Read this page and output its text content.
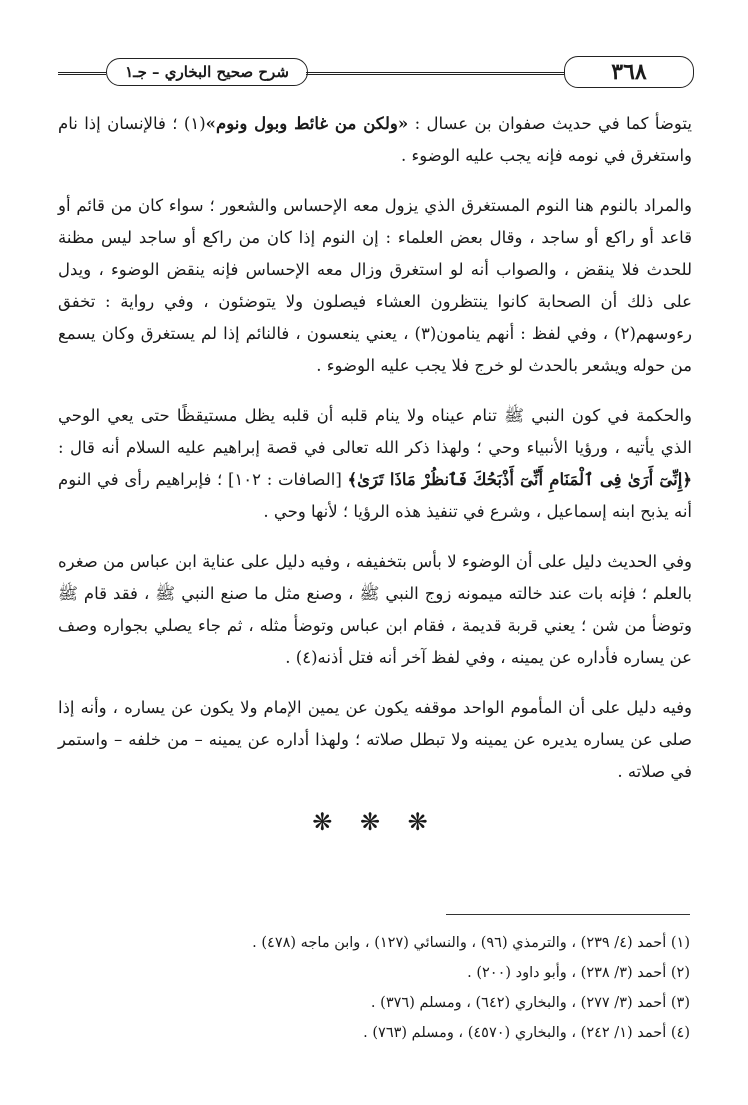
شرح صحيح البخاري – جـ١	٣٦٨

يتوضأ كما في حديث صفوان بن عسال : «ولكن من غائط وبول ونوم»(١) ؛ فالإنسان إذا نام واستغرق في نومه فإنه يجب عليه الوضوء .

والمراد بالنوم هنا النوم المستغرق الذي يزول معه الإحساس والشعور ؛ سواء كان من قائم أو قاعد أو راكع أو ساجد ، وقال بعض العلماء : إن النوم إذا كان من راكع أو ساجد ليس مظنة للحدث فلا ينقض ، والصواب أنه لو استغرق وزال معه الإحساس فإنه ينقض الوضوء ، ويدل على ذلك أن الصحابة كانوا ينتظرون العشاء فيصلون ولا يتوضئون ، وفي رواية : تخفق رءوسهم(٢) ، وفي لفظ : أنهم ينامون(٣) ، يعني ينعسون ، فالنائم إذا لم يستغرق وكان يسمع من حوله ويشعر بالحدث لو خرج فلا يجب عليه الوضوء .

والحكمة في كون النبي ﷺ تنام عيناه ولا ينام قلبه أن قلبه يظل مستيقظًا حتى يعي الوحي الذي يأتيه ، ورؤيا الأنبياء وحي ؛ ولهذا ذكر الله تعالى في قصة إبراهيم عليه السلام أنه قال : ﴿إِنِّىٓ أَرَىٰ فِى ٱلْمَنَامِ أَنِّىٓ أَذْبَحُكَ فَٱنظُرْ مَاذَا تَرَىٰ﴾ [الصافات : ١٠٢] ؛ فإبراهيم رأى في النوم أنه يذبح ابنه إسماعيل ، وشرع في تنفيذ هذه الرؤيا ؛ لأنها وحي .

وفي الحديث دليل على أن الوضوء لا بأس بتخفيفه ، وفيه دليل على عناية ابن عباس من صغره بالعلم ؛ فإنه بات عند خالته ميمونه زوج النبي ﷺ ، وصنع مثل ما صنع النبي ﷺ ، فقد قام ﷺ وتوضأ من شن ؛ يعني قربة قديمة ، فقام ابن عباس وتوضأ مثله ، ثم جاء يصلي بجواره وصف عن يساره فأداره عن يمينه ، وفي لفظ آخر أنه فتل أذنه(٤) .

وفيه دليل على أن المأموم الواحد موقفه يكون عن يمين الإمام ولا يكون عن يساره ، وأنه إذا صلى عن يساره يديره عن يمينه ولا تبطل صلاته ؛ ولهذا أداره عن يمينه – من خلفه – واستمر في صلاته .

❋ ❋ ❋
(١) أحمد (٤/ ٢٣٩) ، والترمذي (٩٦) ، والنسائي (١٢٧) ، وابن ماجه (٤٧٨) .
(٢) أحمد (٣/ ٢٣٨) ، وأبو داود (٢٠٠) .
(٣) أحمد (٣/ ٢٧٧) ، والبخاري (٦٤٢) ، ومسلم (٣٧٦) .
(٤) أحمد (١/ ٢٤٢) ، والبخاري (٤٥٧٠) ، ومسلم (٧٦٣) .
